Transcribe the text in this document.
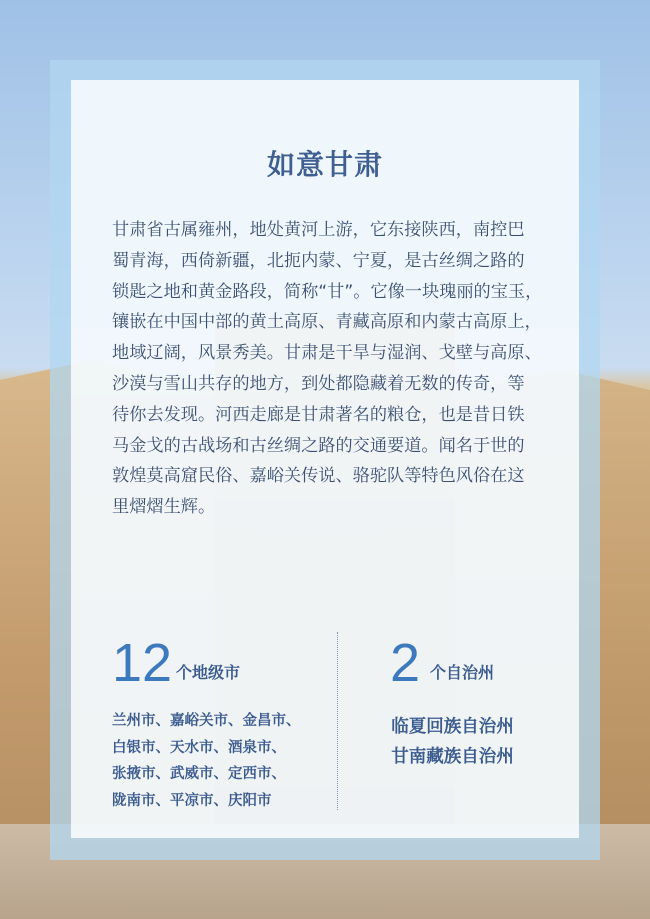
如意甘肃
甘肃省古属雍州，地处黄河上游，它东接陕西，南控巴
蜀青海，西倚新疆，北扼内蒙、宁夏，是古丝绸之路的
锁匙之地和黄金路段，简称“甘”。它像一块瑰丽的宝玉，
镶嵌在中国中部的黄土高原、青藏高原和内蒙古高原上，
地域辽阔，风景秀美。甘肃是干旱与湿润、戈壁与高原、
沙漠与雪山共存的地方，到处都隐藏着无数的传奇，等
待你去发现。河西走廊是甘肃著名的粮仓，也是昔日铁
马金戈的古战场和古丝绸之路的交通要道。闻名于世的
敦煌莫高窟民俗、嘉峪关传说、骆驼队等特色风俗在这
里熠熠生辉。
12 个地级市
兰州市、嘉峪关市、金昌市、
白银市、天水市、酒泉市、
张掖市、武威市、定西市、
陇南市、平凉市、庆阳市
2 个自治州
临夏回族自治州
甘南藏族自治州
